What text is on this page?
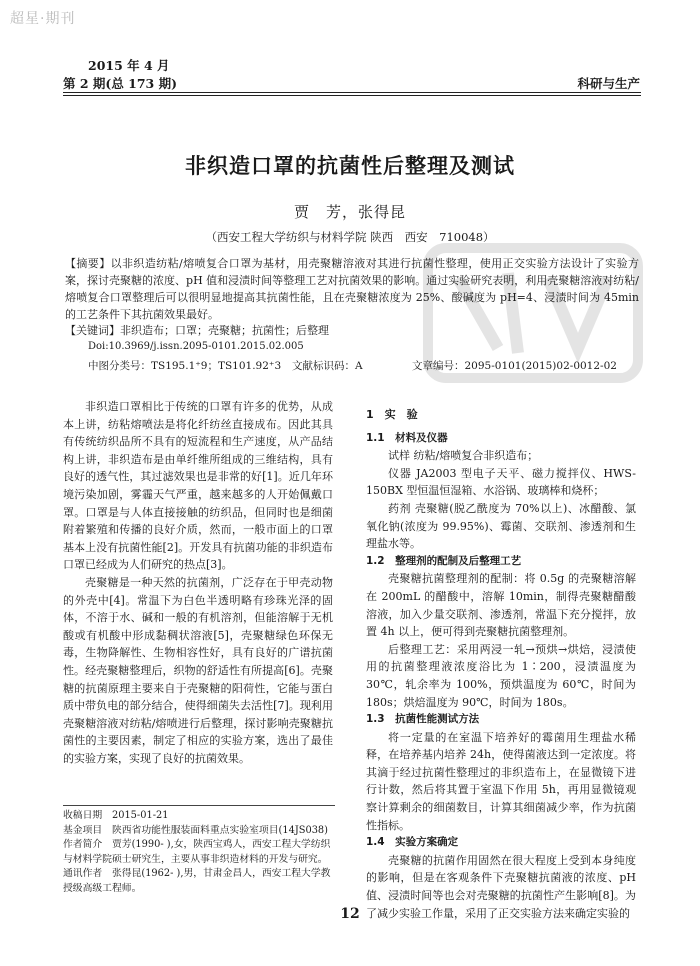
超星·期刊
2015 年 4 月
第 2 期(总 173 期)	科研与生产
非织造口罩的抗菌性后整理及测试
贾　芳，张得昆
（西安工程大学纺织与材料学院 陕西　西安　710048）
【摘要】以非织造纺粘/熔喷复合口罩为基材，用壳聚糖溶液对其进行抗菌性整理，使用正交实验方法设计了实验方案，探讨壳聚糖的浓度、pH 值和浸渍时间等整理工艺对抗菌效果的影响。通过实验研究表明，利用壳聚糖溶液对纺粘/熔喷复合口罩整理后可以很明显地提高其抗菌性能，且在壳聚糖浓度为 25%、酸碱度为 pH=4、浸渍时间为 45min 的工艺条件下其抗菌效果最好。
【关键词】非织造布；口罩；壳聚糖；抗菌性；后整理
Doi:10.3969/j.issn.2095-0101.2015.02.005
中图分类号：TS195.1⁺9；TS101.92⁺3 文献标识码：A	文章编号：2095-0101(2015)02-0012-02

非织造口罩相比于传统的口罩有许多的优势，从成本上讲，纺粘熔喷法是将化纤纺丝直接成布。因此其具有传统纺织品所不具有的短流程和生产速度，从产品结构上讲，非织造布是由单纤维所组成的三维结构，具有良好的透气性，其过滤效果也是非常的好[1]。近几年环境污染加剧，雾霾天气严重，越来越多的人开始佩戴口罩。口罩是与人体直接接触的纺织品，但同时也是细菌附着繁殖和传播的良好介质，然而，一般市面上的口罩基本上没有抗菌性能[2]。开发具有抗菌功能的非织造布口罩已经成为人们研究的热点[3]。

壳聚糖是一种天然的抗菌剂，广泛存在于甲壳动物的外壳中[4]。常温下为白色半透明略有珍珠光泽的固体，不溶于水、碱和一般的有机溶剂，但能溶解于无机酸或有机酸中形成黏稠状溶液[5]，壳聚糖绿色环保无毒，生物降解性、生物相容性好，具有良好的广谱抗菌性。经壳聚糖整理后，织物的舒适性有所提高[6]。壳聚糖的抗菌原理主要来自于壳聚糖的阳荷性，它能与蛋白质中带负电的部分结合，使得细菌失去活性[7]。现利用壳聚糖溶液对纺粘/熔喷进行后整理，探讨影响壳聚糖抗菌性的主要因素，制定了相应的实验方案，选出了最佳的实验方案，实现了良好的抗菌效果。

收稿日期　2015-01-21

基金项目　陕西省功能性服装面料重点实验室项目(14JS038)

作者简介　贾芳(1990- ),女，陕西宝鸡人，西安工程大学纺织与材料学院硕士研究生，主要从事非织造材料的开发与研究。

通讯作者　张得昆(1962- ),男，甘肃金昌人，西安工程大学教授级高级工程师。

1　实　验

1.1　材料及仪器

试样 纺粘/熔喷复合非织造布；

仪器 JA2003 型电子天平、磁力搅拌仪、HWS-150BX 型恒温恒湿箱、水浴锅、玻璃棒和烧杯；

药剂 壳聚糖(脱乙酰度为 70%以上)、冰醋酸、氯氧化钠(浓度为 99.95%)、霉菌、交联剂、渗透剂和生理盐水等。

1.2　整理剂的配制及后整理工艺

壳聚糖抗菌整理剂的配制：将 0.5g 的壳聚糖溶解在 200mL 的醋酸中，溶解 10min，制得壳聚糖醋酸溶液，加入少量交联剂、渗透剂，常温下充分搅拌，放置 4h 以上，便可得到壳聚糖抗菌整理剂。

后整理工艺：采用两浸一轧→预烘→烘焙，浸渍使用的抗菌整理液浓度浴比为 1∶200，浸渍温度为 30℃，轧余率为 100%，预烘温度为 60℃，时间为 180s；烘焙温度为 90℃，时间为 180s。

1.3　抗菌性能测试方法

将一定量的在室温下培养好的霉菌用生理盐水稀释，在培养基内培养 24h，使得菌液达到一定浓度。将其滴于经过抗菌性整理过的非织造布上，在显微镜下进行计数，然后将其置于室温下作用 5h，再用显微镜观察计算剩余的细菌数目，计算其细菌减少率，作为抗菌性指标。

1.4　实验方案确定

壳聚糖的抗菌作用固然在很大程度上受到本身纯度的影响，但是在客观条件下壳聚糖抗菌液的浓度、pH 值、浸渍时间等也会对壳聚糖的抗菌性产生影响[8]。为了减少实验工作量，采用了正交实验方法来确定实验的

12
